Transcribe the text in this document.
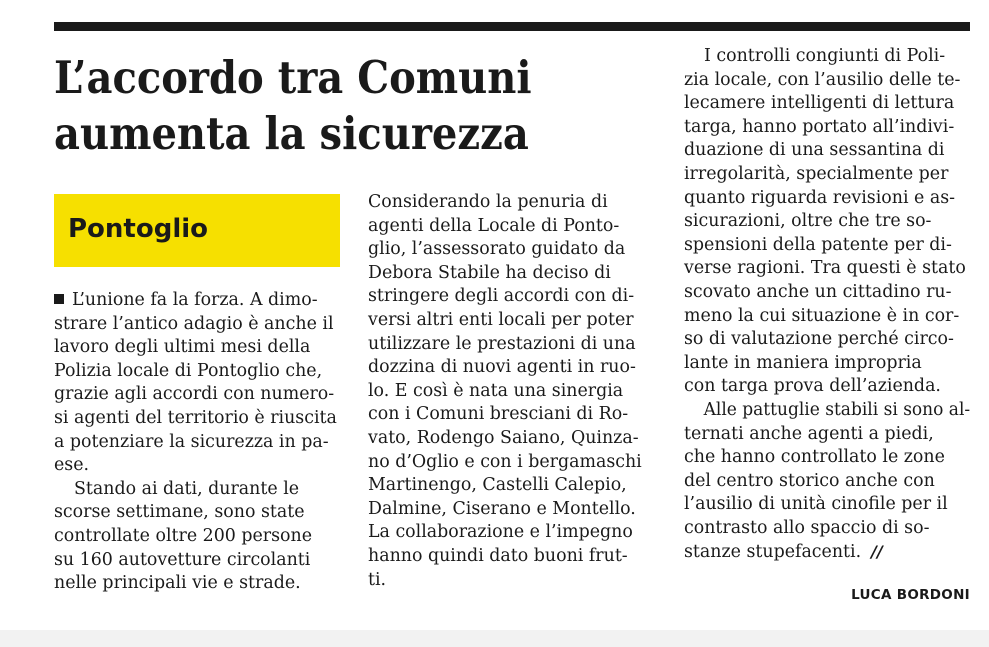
L’accordo tra Comuni
aumenta la sicurezza
Pontoglio
L’unione fa la forza. A dimo-
strare l’antico adagio è anche il
lavoro degli ultimi mesi della
Polizia locale di Pontoglio che,
grazie agli accordi con numero-
si agenti del territorio è riuscita
a potenziare la sicurezza in pa-
ese.
Stando ai dati, durante le
scorse settimane, sono state
controllate oltre 200 persone
su 160 autovetture circolanti
nelle principali vie e strade.
Considerando la penuria di
agenti della Locale di Ponto-
glio, l’assessorato guidato da
Debora Stabile ha deciso di
stringere degli accordi con di-
versi altri enti locali per poter
utilizzare le prestazioni di una
dozzina di nuovi agenti in ruo-
lo. E così è nata una sinergia
con i Comuni bresciani di Ro-
vato, Rodengo Saiano, Quinza-
no d’Oglio e con i bergamaschi
Martinengo, Castelli Calepio,
Dalmine, Ciserano e Montello.
La collaborazione e l’impegno
hanno quindi dato buoni frut-
ti.
I controlli congiunti di Poli-
zia locale, con l’ausilio delle te-
lecamere intelligenti di lettura
targa, hanno portato all’indivi-
duazione di una sessantina di
irregolarità, specialmente per
quanto riguarda revisioni e as-
sicurazioni, oltre che tre so-
spensioni della patente per di-
verse ragioni. Tra questi è stato
scovato anche un cittadino ru-
meno la cui situazione è in cor-
so di valutazione perché circo-
lante in maniera impropria
con targa prova dell’azienda.
Alle pattuglie stabili si sono al-
ternati anche agenti a piedi,
che hanno controllato le zone
del centro storico anche con
l’ausilio di unità cinofile per il
contrasto allo spaccio di so-
stanze stupefacenti. //
LUCA BORDONI
